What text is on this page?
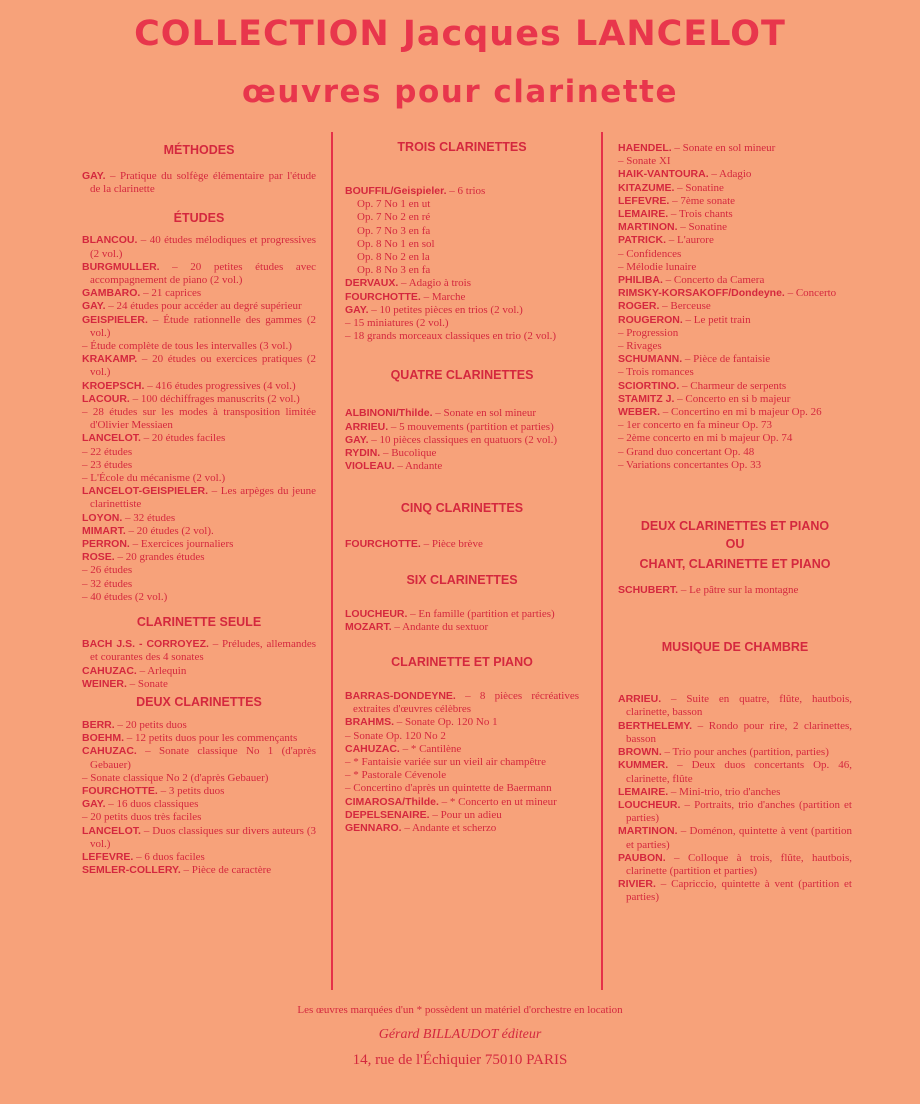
COLLECTION Jacques LANCELOT
œuvres pour clarinette
MÉTHODES

GAY. – Pratique du solfège élémentaire par l'étude de la clarinette

ÉTUDES

BLANCOU. – 40 études mélodiques et progressives (2 vol.)

BURGMULLER. – 20 petites études avec accompagnement de piano (2 vol.)

GAMBARO. – 21 caprices

GAY. – 24 études pour accéder au degré supérieur

GEISPIELER. – Étude rationnelle des gammes (2 vol.)

– Étude complète de tous les intervalles (3 vol.)

KRAKAMP. – 20 études ou exercices pratiques (2 vol.)

KROEPSCH. – 416 études progressives (4 vol.)

LACOUR. – 100 déchiffrages manuscrits (2 vol.)

– 28 études sur les modes à transposition limitée d'Olivier Messiaen

LANCELOT. – 20 études faciles

– 22 études

– 23 études

– L'École du mécanisme (2 vol.)

LANCELOT-GEISPIELER. – Les arpèges du jeune clarinettiste

LOYON. – 32 études

MIMART. – 20 études (2 vol).

PERRON. – Exercices journaliers

ROSE. – 20 grandes études

– 26 études

– 32 études

– 40 études (2 vol.)

CLARINETTE SEULE

BACH J.S. - CORROYEZ. – Préludes, allemandes et courantes des 4 sonates

CAHUZAC. – Arlequin

WEINER. – Sonate

DEUX CLARINETTES

BERR. – 20 petits duos

BOEHM. – 12 petits duos pour les commençants

CAHUZAC. – Sonate classique No 1 (d'après Gebauer)

– Sonate classique No 2 (d'après Gebauer)

FOURCHOTTE. – 3 petits duos

GAY. – 16 duos classiques

– 20 petits duos très faciles

LANCELOT. – Duos classiques sur divers auteurs (3 vol.)

LEFEVRE. – 6 duos faciles

SEMLER-COLLERY. – Pièce de caractère

TROIS CLARINETTES

BOUFFIL/Geispieler. – 6 trios

Op. 7 No 1 en ut

Op. 7 No 2 en ré

Op. 7 No 3 en fa

Op. 8 No 1 en sol

Op. 8 No 2 en la

Op. 8 No 3 en fa

DERVAUX. – Adagio à trois

FOURCHOTTE. – Marche

GAY. – 10 petites pièces en trios (2 vol.)

– 15 miniatures (2 vol.)

– 18 grands morceaux classiques en trio (2 vol.)

QUATRE CLARINETTES

ALBINONI/Thilde. – Sonate en sol mineur

ARRIEU. – 5 mouvements (partition et parties)

GAY. – 10 pièces classiques en quatuors (2 vol.)

RYDIN. – Bucolique

VIOLEAU. – Andante

CINQ CLARINETTES

FOURCHOTTE. – Pièce brève

SIX CLARINETTES

LOUCHEUR. – En famille (partition et parties)

MOZART. – Andante du sextuor

CLARINETTE ET PIANO

BARRAS-DONDEYNE. – 8 pièces récréatives extraites d'œuvres célèbres

BRAHMS. – Sonate Op. 120 No 1

– Sonate Op. 120 No 2

CAHUZAC. – * Cantilène

– * Fantaisie variée sur un vieil air champêtre

– * Pastorale Cévenole

– Concertino d'après un quintette de Baermann

CIMAROSA/Thilde. – * Concerto en ut mineur

DEPELSENAIRE. – Pour un adieu

GENNARO. – Andante et scherzo

HAENDEL. – Sonate en sol mineur

– Sonate XI

HAIK-VANTOURA. – Adagio

KITAZUME. – Sonatine

LEFEVRE. – 7ème sonate

LEMAIRE. – Trois chants

MARTINON. – Sonatine

PATRICK. – L'aurore

– Confidences

– Mélodie lunaire

PHILIBA. – Concerto da Camera

RIMSKY-KORSAKOFF/Dondeyne. – Concerto

ROGER. – Berceuse

ROUGERON. – Le petit train

– Progression

– Rivages

SCHUMANN. – Pièce de fantaisie

– Trois romances

SCIORTINO. – Charmeur de serpents

STAMITZ J. – Concerto en si b majeur

WEBER. – Concertino en mi b majeur Op. 26

– 1er concerto en fa mineur Op. 73

– 2ème concerto en mi b majeur Op. 74

– Grand duo concertant Op. 48

– Variations concertantes Op. 33

DEUX CLARINETTES ET PIANO
OU
CHANT, CLARINETTE ET PIANO

SCHUBERT. – Le pâtre sur la montagne

MUSIQUE DE CHAMBRE

ARRIEU. – Suite en quatre, flûte, hautbois, clarinette, basson

BERTHELEMY. – Rondo pour rire, 2 clarinettes, basson

BROWN. – Trio pour anches (partition, parties)

KUMMER. – Deux duos concertants Op. 46, clarinette, flûte

LEMAIRE. – Mini-trio, trio d'anches

LOUCHEUR. – Portraits, trio d'anches (partition et parties)

MARTINON. – Doménon, quintette à vent (partition et parties)

PAUBON. – Colloque à trois, flûte, hautbois, clarinette (partition et parties)

RIVIER. – Capriccio, quintette à vent (partition et parties)

Les œuvres marquées d'un * possèdent un matériel d'orchestre en location
Gérard BILLAUDOT éditeur
14, rue de l'Échiquier 75010 PARIS
